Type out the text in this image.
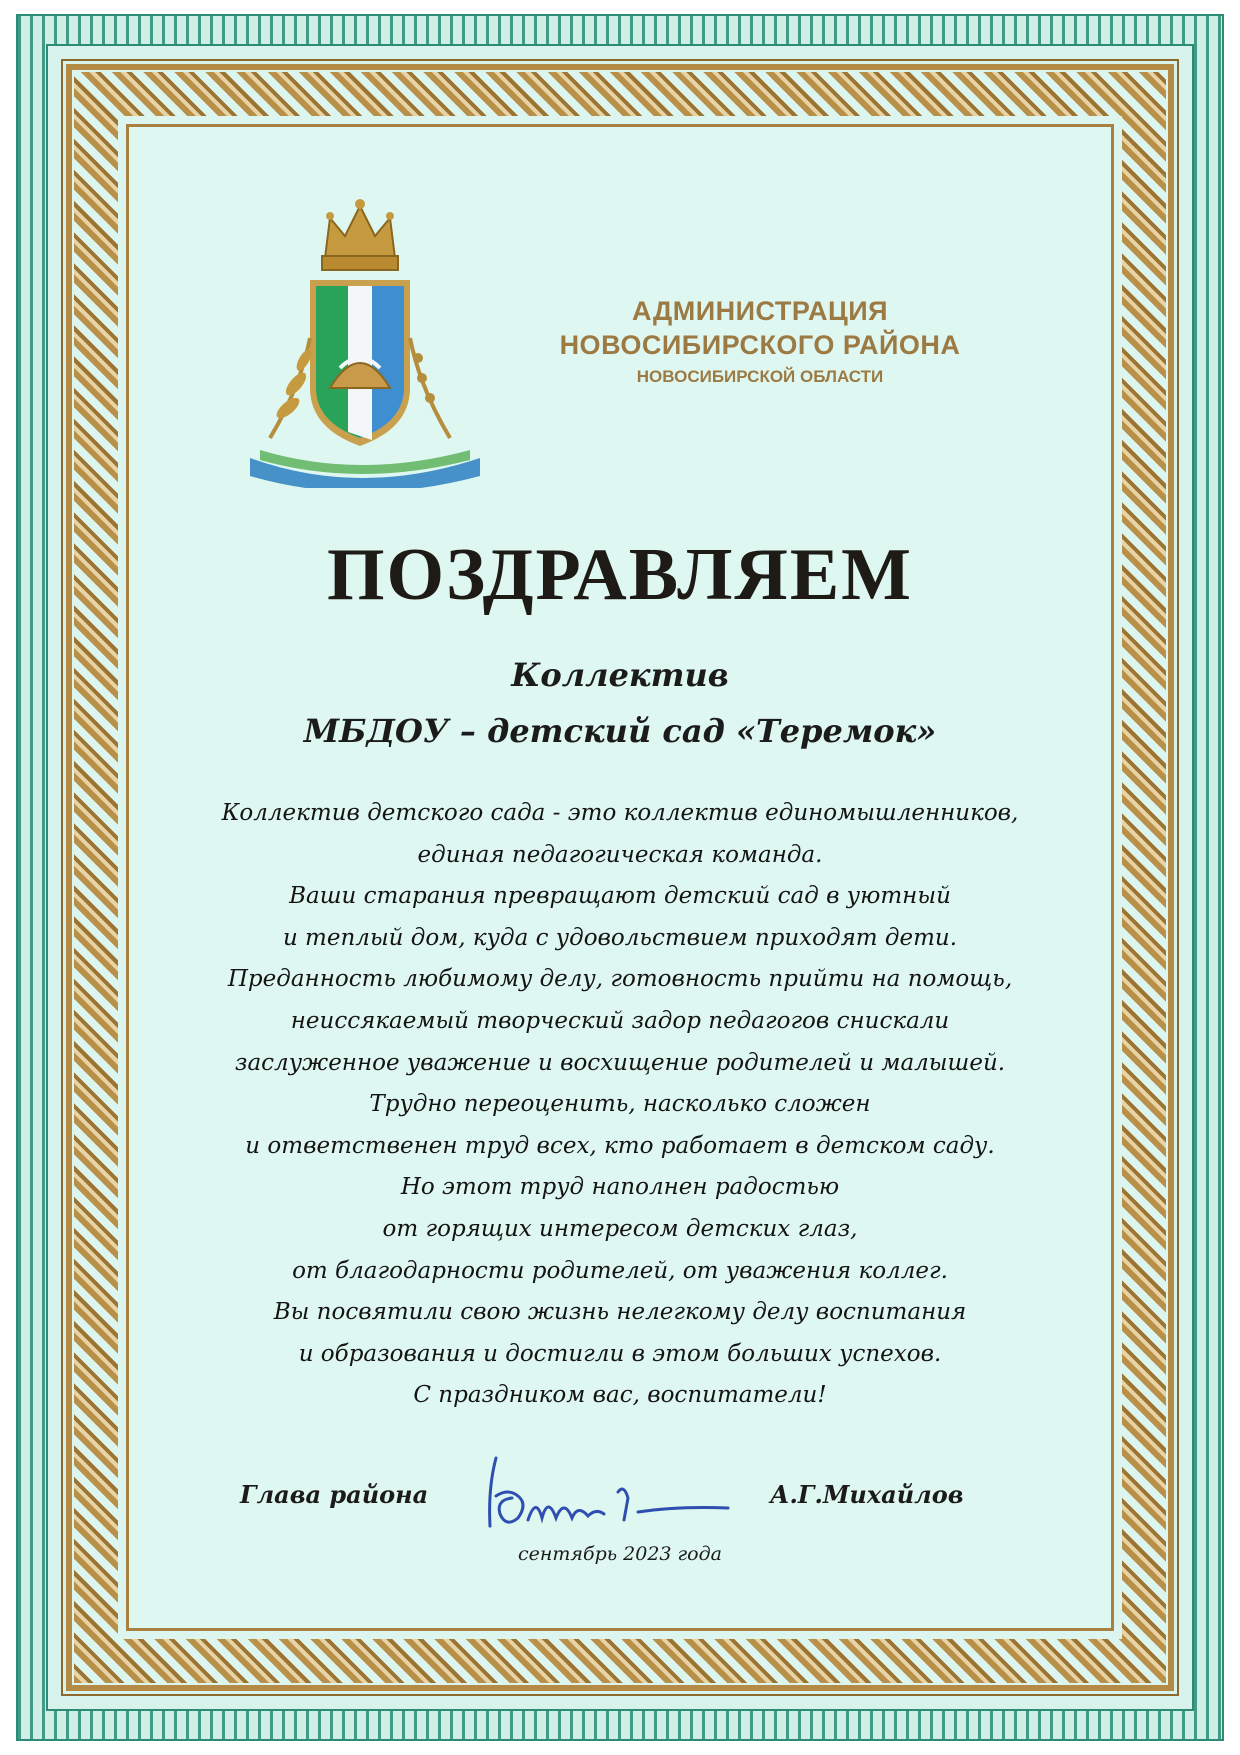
АДМИНИСТРАЦИЯ
НОВОСИБИРСКОГО РАЙОНА
НОВОСИБИРСКОЙ ОБЛАСТИ
ПОЗДРАВЛЯЕМ
Коллектив
МБДОУ – детский сад «Теремок»
Коллектив детского сада - это коллектив единомышленников,
единая педагогическая команда.
Ваши старания превращают детский сад в уютный
и теплый дом, куда с удовольствием приходят дети.
Преданность любимому делу, готовность прийти на помощь,
неиссякаемый творческий задор педагогов снискали
заслуженное уважение и восхищение родителей и малышей.
Трудно переоценить, насколько сложен
и ответственен труд всех, кто работает в детском саду.
Но этот труд наполнен радостью
от горящих интересом детских глаз,
от благодарности родителей, от уважения коллег.
Вы посвятили свою жизнь нелегкому делу воспитания
и образования и достигли в этом больших успехов.
С праздником вас, воспитатели!
Глава района	А.Г.Михайлов
сентябрь 2023 года
